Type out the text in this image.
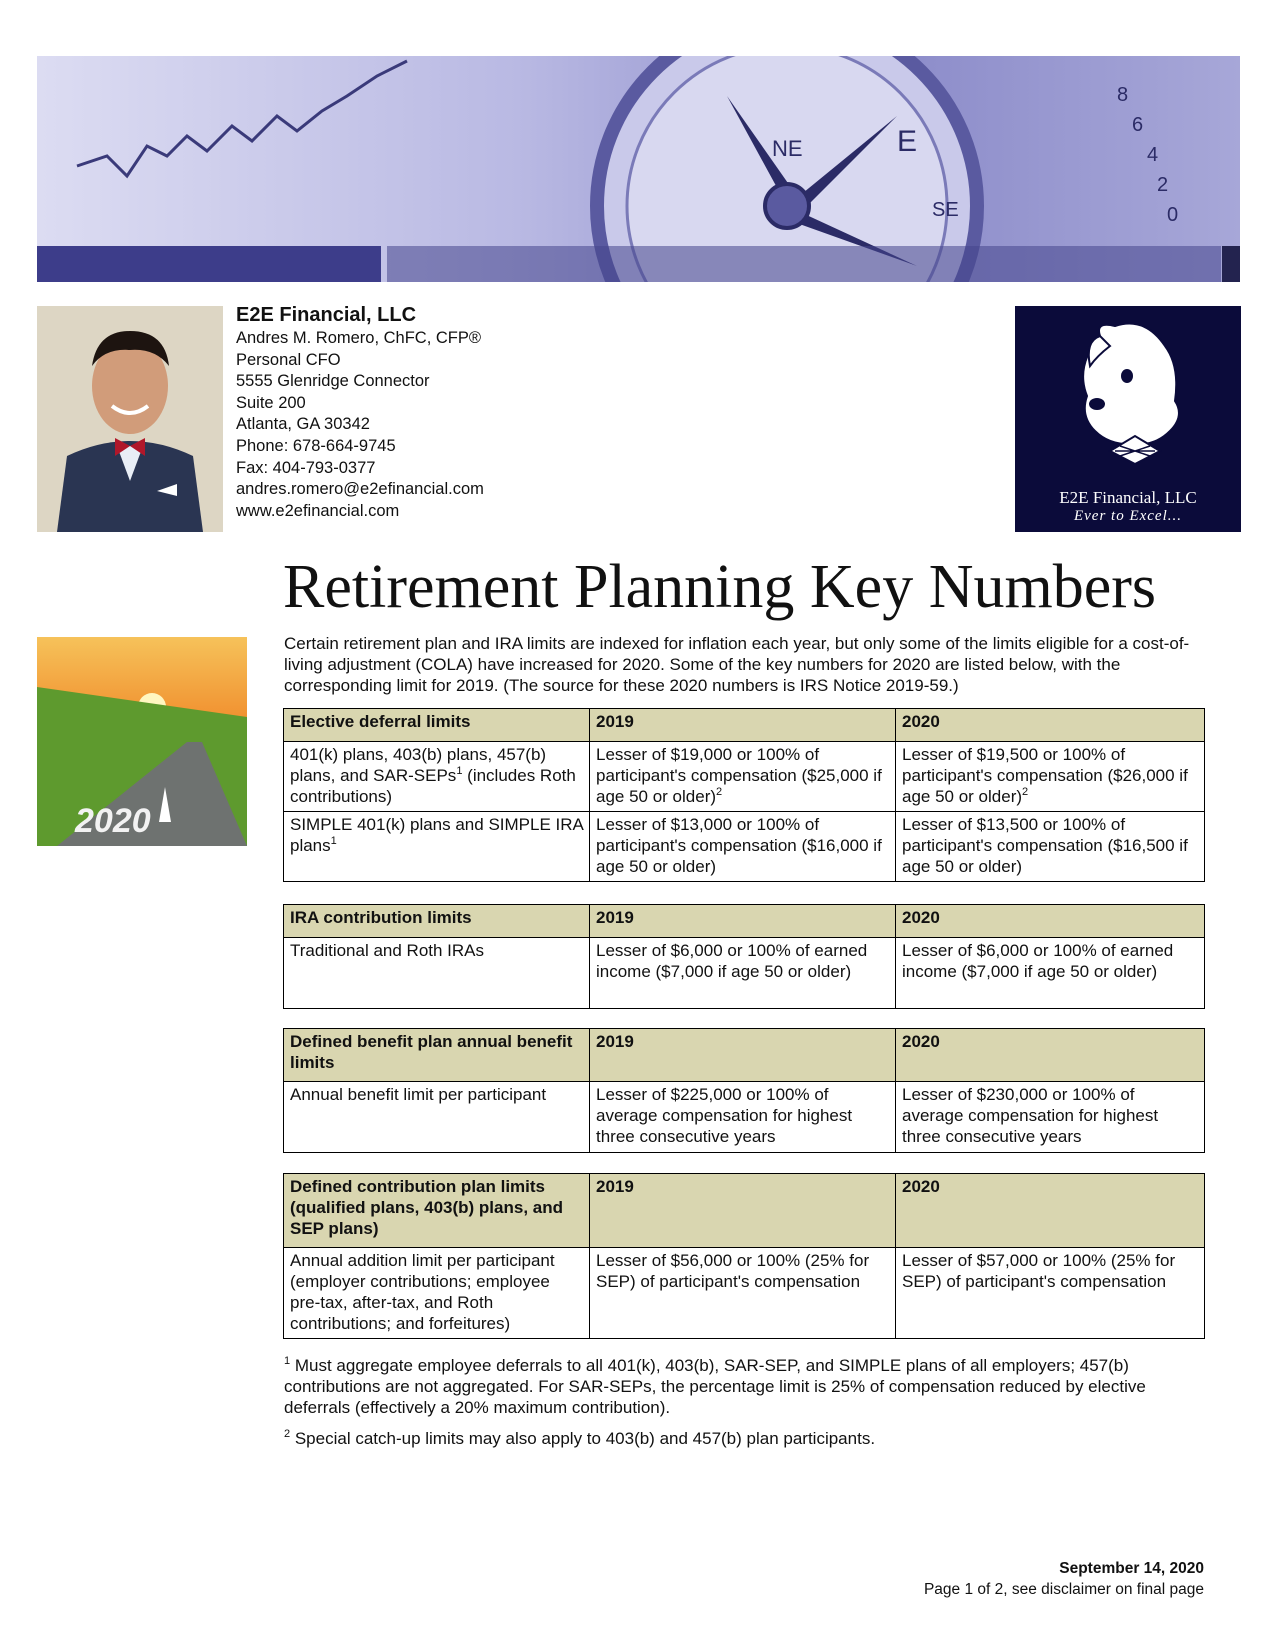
NE	E
SE
8
6
4
2
0
E2E Financial, LLC
Andres M. Romero, ChFC, CFP®
Personal CFO
5555 Glenridge Connector
Suite 200
Atlanta, GA 30342
Phone: 678-664-9745
Fax: 404-793-0377
andres.romero@e2efinancial.com
www.e2efinancial.com
E2E Financial, LLC
Ever to Excel...
2020
Retirement Planning Key Numbers
Certain retirement plan and IRA limits are indexed for inflation each year, but only some of the limits eligible for a cost-of-living adjustment (COLA) have increased for 2020. Some of the key numbers for 2020 are listed below, with the corresponding limit for 2019. (The source for these 2020 numbers is IRS Notice 2019-59.)
Elective deferral limits	2019	2020
401(k) plans, 403(b) plans, 457(b) plans, and SAR-SEPs$^1$ (includes Roth contributions)	Lesser of $19,000 or 100% of participant's compensation ($25,000 if age 50 or older)$^2$	Lesser of $19,500 or 100% of participant's compensation ($26,000 if age 50 or older)$^2$
SIMPLE 401(k) plans and SIMPLE IRA plans$^1$	Lesser of $13,000 or 100% of participant's compensation ($16,000 if age 50 or older)	Lesser of $13,500 or 100% of participant's compensation ($16,500 if age 50 or older)
IRA contribution limits	2019	2020
Traditional and Roth IRAs	Lesser of $6,000 or 100% of earned income ($7,000 if age 50 or older)	Lesser of $6,000 or 100% of earned income ($7,000 if age 50 or older)
Defined benefit plan annual benefit limits	2019	2020
Annual benefit limit per participant	Lesser of $225,000 or 100% of average compensation for highest three consecutive years	Lesser of $230,000 or 100% of average compensation for highest three consecutive years
Defined contribution plan limits (qualified plans, 403(b) plans, and SEP plans)	2019	2020
Annual addition limit per participant (employer contributions; employee pre-tax, after-tax, and Roth contributions; and forfeitures)	Lesser of $56,000 or 100% (25% for SEP) of participant's compensation	Lesser of $57,000 or 100% (25% for SEP) of participant's compensation
$^1$ Must aggregate employee deferrals to all 401(k), 403(b), SAR-SEP, and SIMPLE plans of all employers; 457(b) contributions are not aggregated. For SAR-SEPs, the percentage limit is 25% of compensation reduced by elective deferrals (effectively a 20% maximum contribution).
$^2$ Special catch-up limits may also apply to 403(b) and 457(b) plan participants.
September 14, 2020
Page 1 of 2, see disclaimer on final page
